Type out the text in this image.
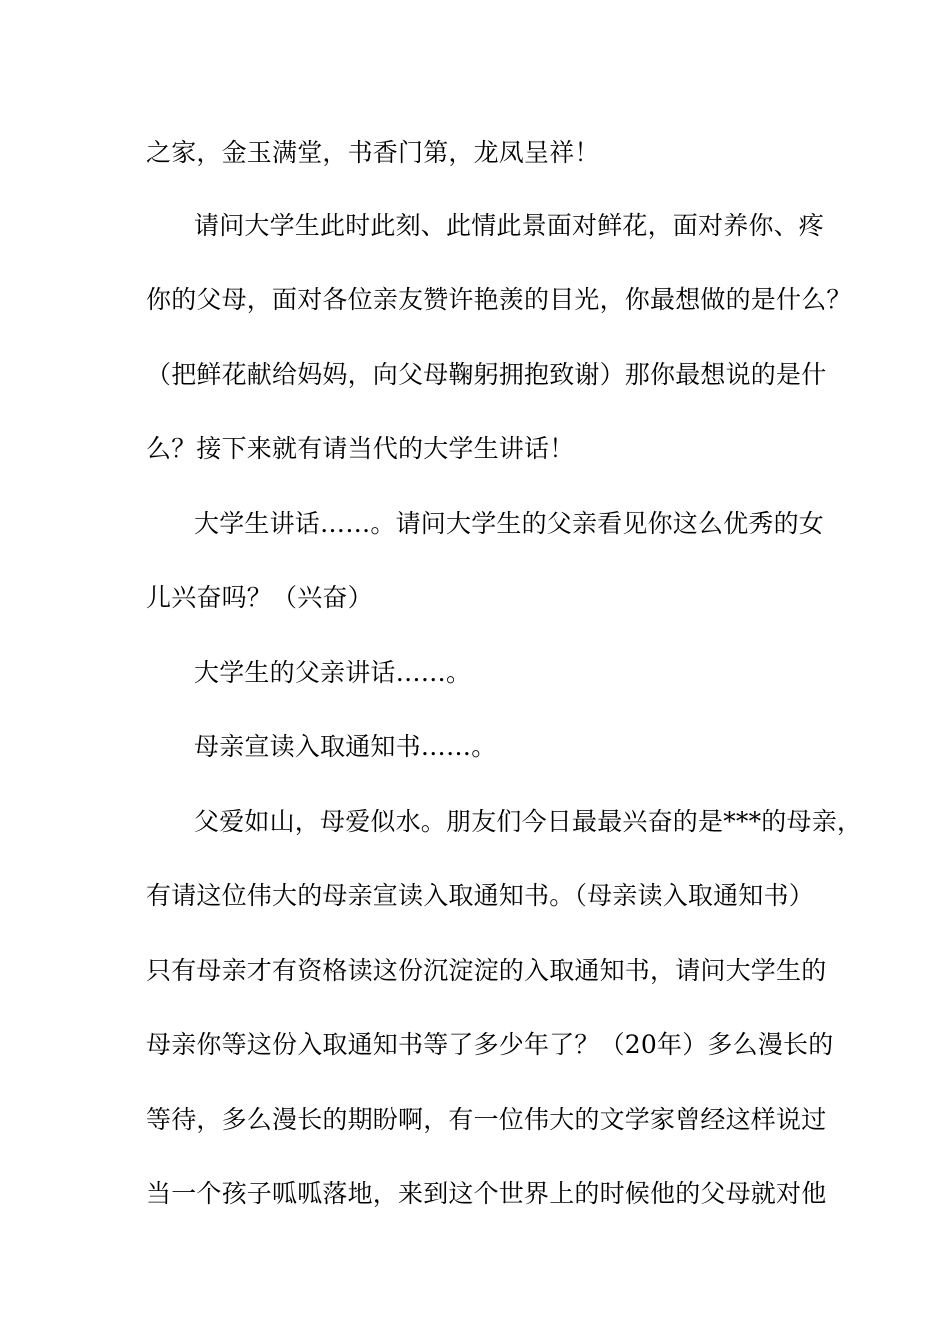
之家，金玉满堂，书香门第，龙凤呈祥！
请问大学生此时此刻、此情此景面对鲜花，面对养你、疼
你的父母，面对各位亲友赞许艳羡的目光，你最想做的是什么？
（把鲜花献给妈妈，向父母鞠躬拥抱致谢）那你最想说的是什
么？接下来就有请当代的大学生讲话！
大学生讲话……。请问大学生的父亲看见你这么优秀的女
儿兴奋吗？（兴奋）
大学生的父亲讲话……。
母亲宣读入取通知书……。
父爱如山，母爱似水。朋友们今日最最兴奋的是***的母亲，
有请这位伟大的母亲宣读入取通知书。（母亲读入取通知书）
只有母亲才有资格读这份沉淀淀的入取通知书，请问大学生的
母亲你等这份入取通知书等了多少年了？（20年）多么漫长的
等待，多么漫长的期盼啊，有一位伟大的文学家曾经这样说过
当一个孩子呱呱落地，来到这个世界上的时候他的父母就对他
